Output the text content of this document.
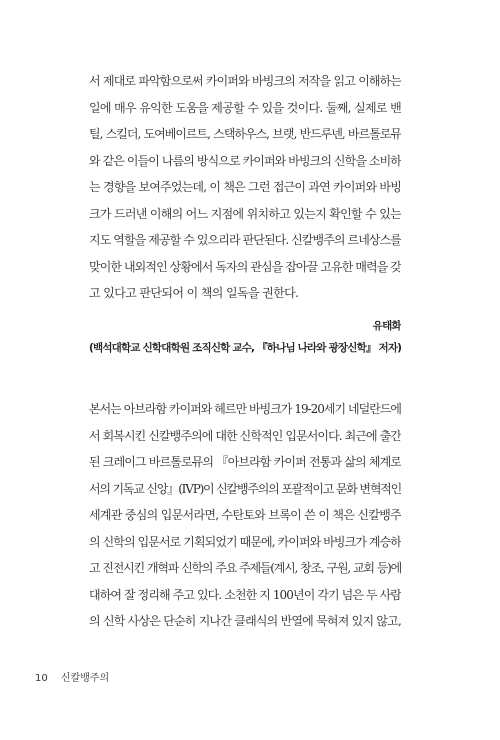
서 제대로 파악함으로써 카이퍼와 바빙크의 저작을 읽고 이해하는
일에 매우 유익한 도움을 제공할 수 있을 것이다. 둘째, 실제로 밴
틸, 스킬더, 도여베이르트, 스택하우스, 브랫, 반드루넨, 바르톨로뮤
와 같은 이들이 나름의 방식으로 카이퍼와 바빙크의 신학을 소비하
는 경향을 보여주었는데, 이 책은 그런 접근이 과연 카이퍼와 바빙
크가 드러낸 이해의 어느 지점에 위치하고 있는지 확인할 수 있는
지도 역할을 제공할 수 있으리라 판단된다. 신칼뱅주의 르네상스를
맞이한 내외적인 상황에서 독자의 관심을 잡아끌 고유한 매력을 갖
고 있다고 판단되어 이 책의 일독을 권한다.
유태화
(백석대학교 신학대학원 조직신학 교수, 『하나님 나라와 광장신학』 저자)
본서는 아브라함 카이퍼와 헤르만 바빙크가 19-20세기 네덜란드에
서 회복시킨 신칼뱅주의에 대한 신학적인 입문서이다. 최근에 출간
된 크레이그 바르톨로뮤의 『아브라함 카이퍼 전통과 삶의 체계로
서의 기독교 신앙』(IVP)이 신칼뱅주의의 포괄적이고 문화 변혁적인
세계관 중심의 입문서라면, 수탄토와 브록이 쓴 이 책은 신칼뱅주
의 신학의 입문서로 기획되었기 때문에, 카이퍼와 바빙크가 계승하
고 진전시킨 개혁파 신학의 주요 주제들(계시, 창조, 구원, 교회 등)에
대하여 잘 정리해 주고 있다. 소천한 지 100년이 각기 넘은 두 사람
의 신학 사상은 단순히 지나간 클래식의 반열에 묵혀져 있지 않고,
10 신칼뱅주의
